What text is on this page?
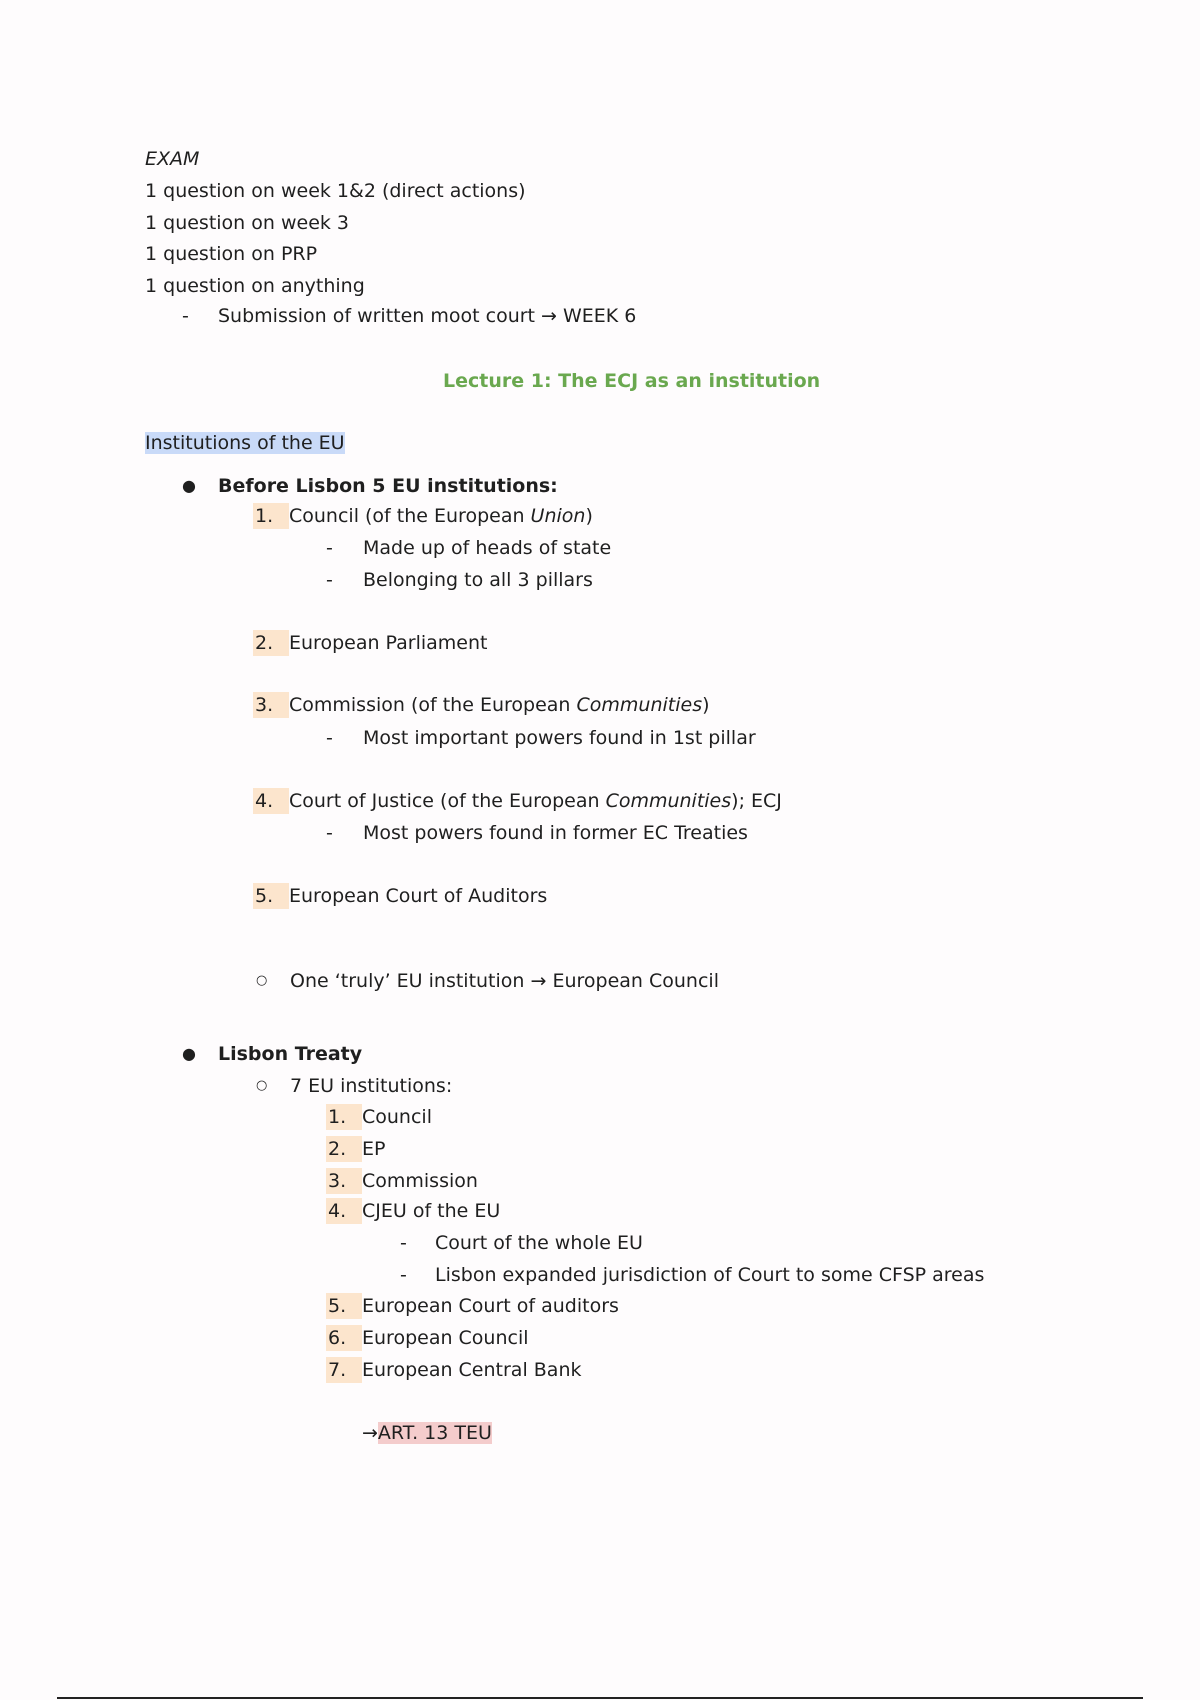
EXAM
1 question on week 1&2 (direct actions)
1 question on week 3
1 question on PRP
1 question on anything
- Submission of written moot court → WEEK 6
Lecture 1: The ECJ as an institution
Institutions of the EU
● Before Lisbon 5 EU institutions:
1. Council (of the European Union)
- Made up of heads of state
- Belonging to all 3 pillars
2. European Parliament
3. Commission (of the European Communities)
- Most important powers found in 1st pillar
4. Court of Justice (of the European Communities); ECJ
- Most powers found in former EC Treaties
5. European Court of Auditors
○ One ‘truly’ EU institution → European Council
● Lisbon Treaty
○ 7 EU institutions:
1. Council
2. EP
3. Commission
4. CJEU of the EU
- Court of the whole EU
- Lisbon expanded jurisdiction of Court to some CFSP areas
5. European Court of auditors
6. European Council
7. European Central Bank
→ART. 13 TEU
